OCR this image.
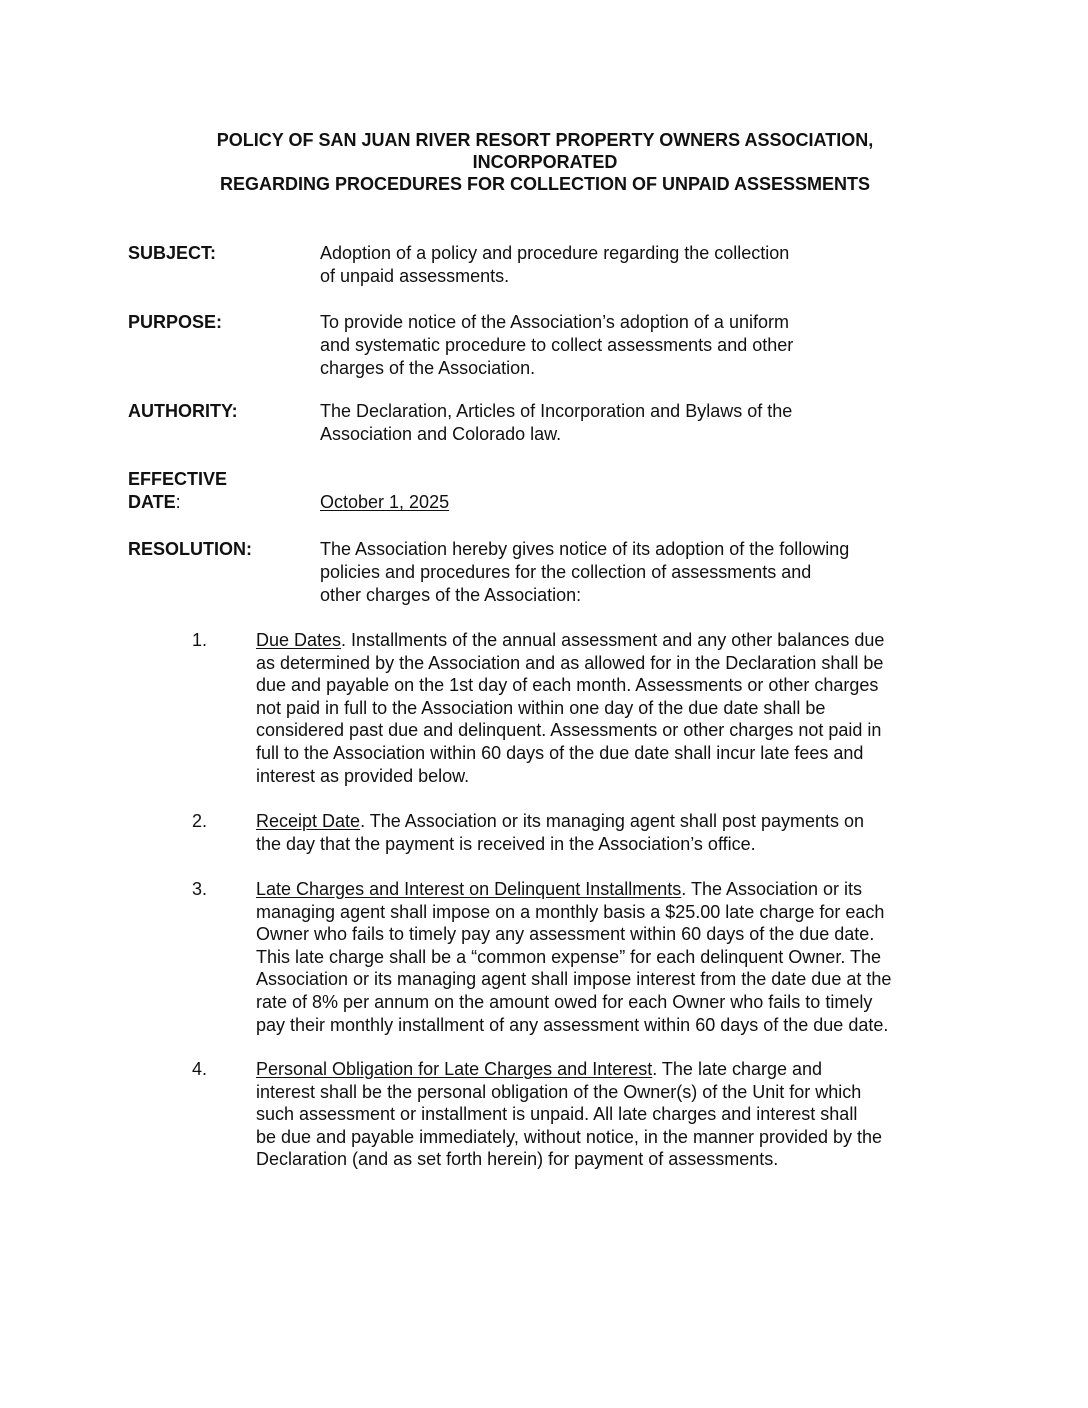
POLICY OF SAN JUAN RIVER RESORT PROPERTY OWNERS ASSOCIATION,
INCORPORATED
REGARDING PROCEDURES FOR COLLECTION OF UNPAID ASSESSMENTS
SUBJECT:	Adoption of a policy and procedure regarding the collection
of unpaid assessments.
PURPOSE:	To provide notice of the Association’s adoption of a uniform
and systematic procedure to collect assessments and other
charges of the Association.
AUTHORITY:	The Declaration, Articles of Incorporation and Bylaws of the
Association and Colorado law.
EFFECTIVE
DATE:	October 1, 2025
RESOLUTION:	The Association hereby gives notice of its adoption of the following
policies and procedures for the collection of assessments and
other charges of the Association:
1.	Due Dates. Installments of the annual assessment and any other balances due
as determined by the Association and as allowed for in the Declaration shall be
due and payable on the 1st day of each month. Assessments or other charges
not paid in full to the Association within one day of the due date shall be
considered past due and delinquent. Assessments or other charges not paid in
full to the Association within 60 days of the due date shall incur late fees and
interest as provided below.
2.	Receipt Date. The Association or its managing agent shall post payments on
the day that the payment is received in the Association’s office.
3.	Late Charges and Interest on Delinquent Installments. The Association or its
managing agent shall impose on a monthly basis a $25.00 late charge for each
Owner who fails to timely pay any assessment within 60 days of the due date.
This late charge shall be a “common expense” for each delinquent Owner. The
Association or its managing agent shall impose interest from the date due at the
rate of 8% per annum on the amount owed for each Owner who fails to timely
pay their monthly installment of any assessment within 60 days of the due date.
4.	Personal Obligation for Late Charges and Interest. The late charge and
interest shall be the personal obligation of the Owner(s) of the Unit for which
such assessment or installment is unpaid. All late charges and interest shall
be due and payable immediately, without notice, in the manner provided by the
Declaration (and as set forth herein) for payment of assessments.
